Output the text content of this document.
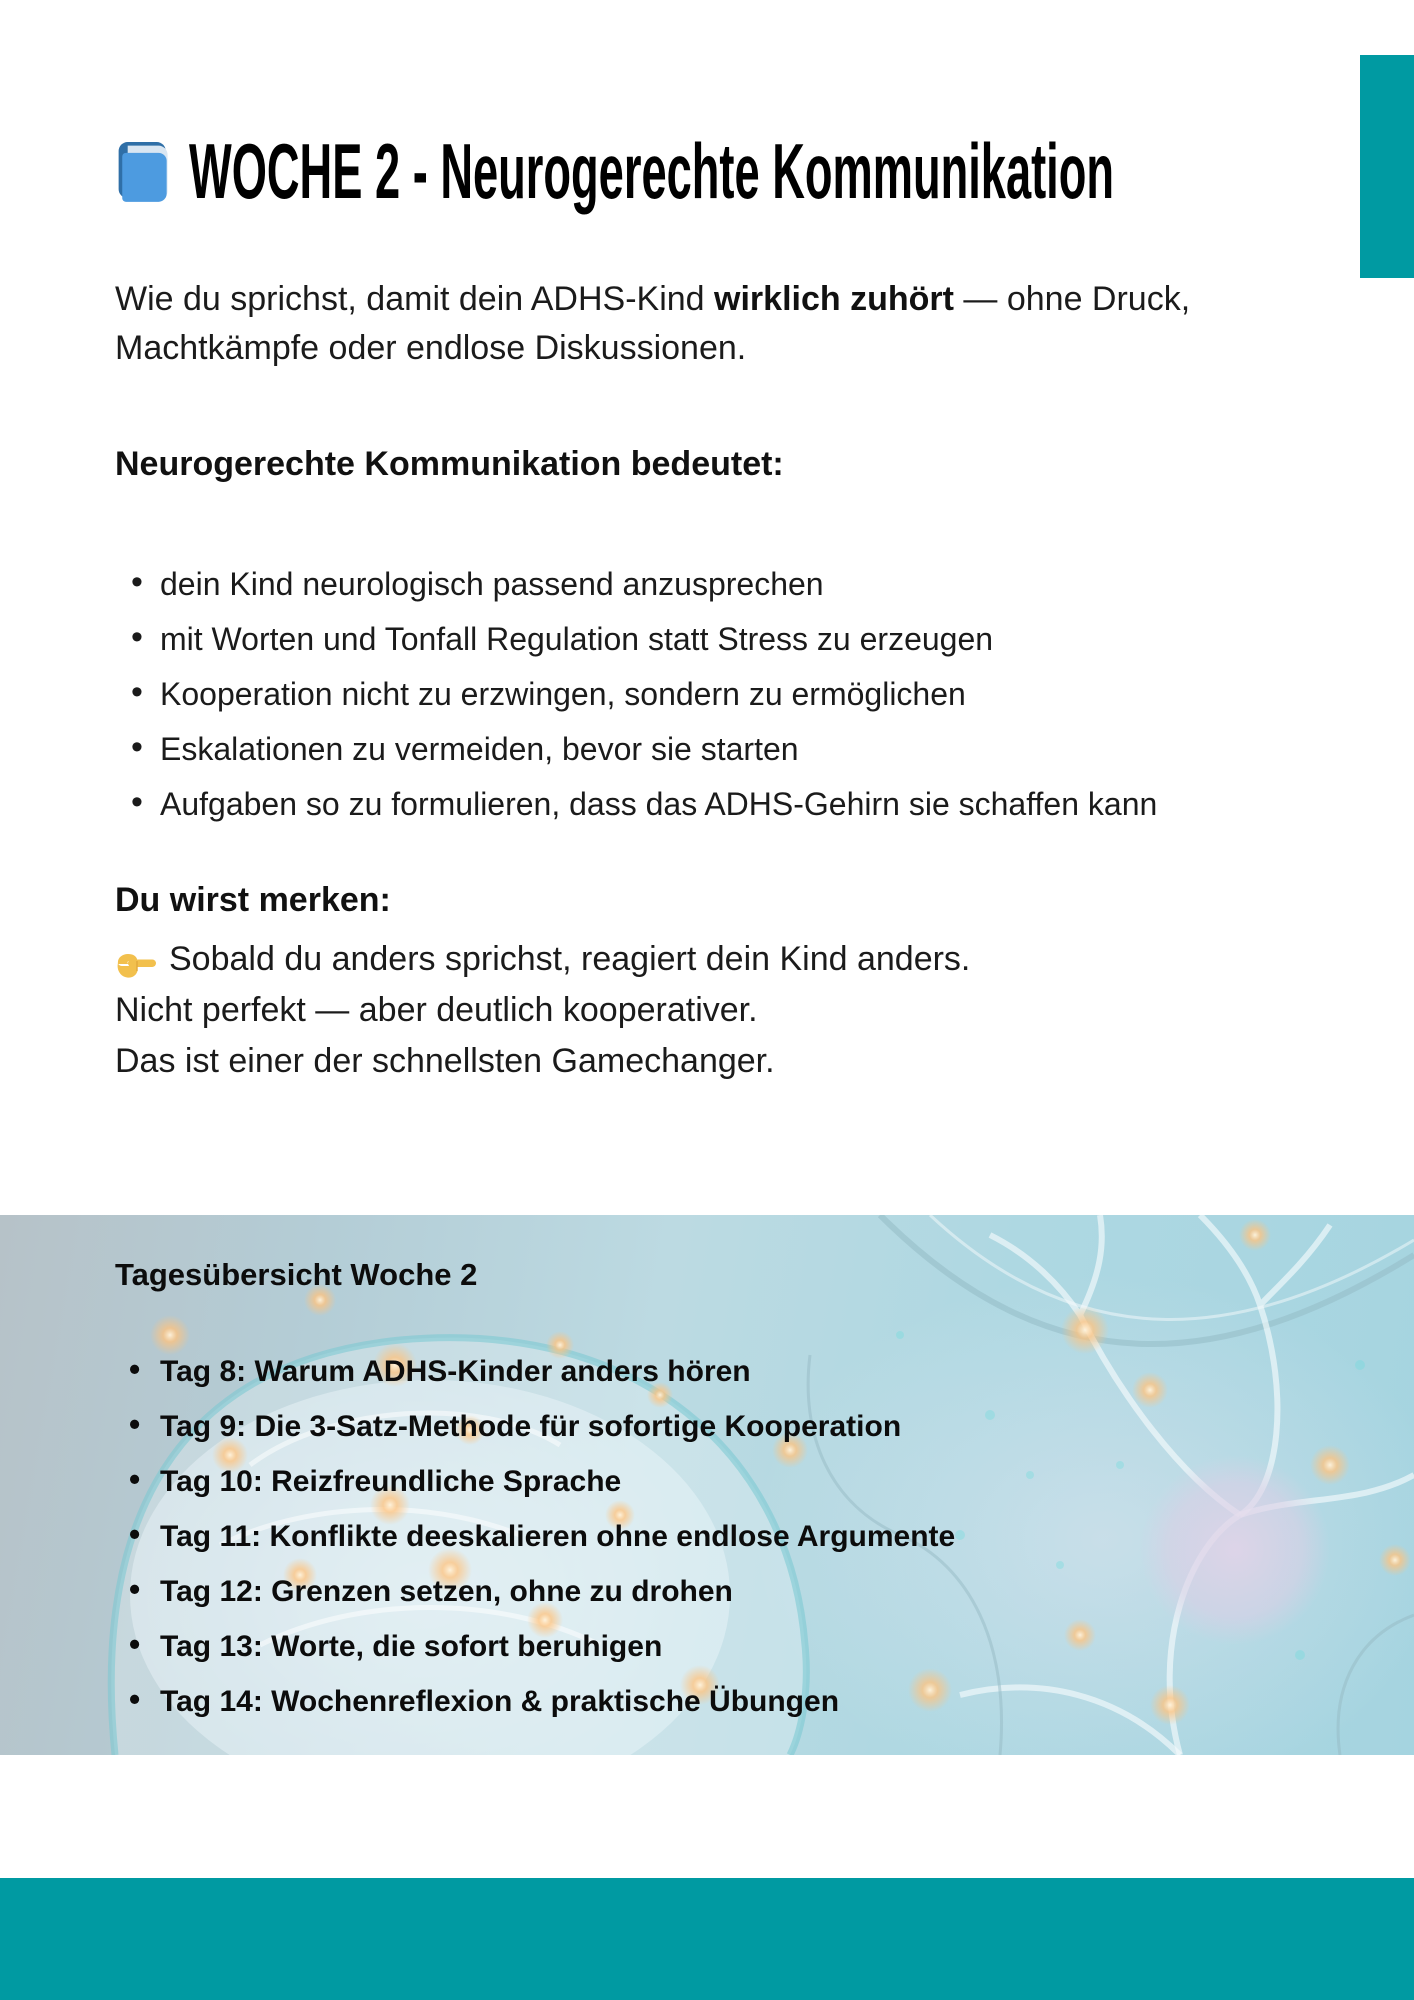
WOCHE 2 - Neurogerechte Kommunikation
Wie du sprichst, damit dein ADHS-Kind wirklich zuhört — ohne Druck,
Machtkämpfe oder endlose Diskussionen.
Neurogerechte Kommunikation bedeutet:
• dein Kind neurologisch passend anzusprechen
• mit Worten und Tonfall Regulation statt Stress zu erzeugen
• Kooperation nicht zu erzwingen, sondern zu ermöglichen
• Eskalationen zu vermeiden, bevor sie starten
• Aufgaben so zu formulieren, dass das ADHS-Gehirn sie schaffen kann
Du wirst merken:
Sobald du anders sprichst, reagiert dein Kind anders.
Nicht perfekt — aber deutlich kooperativer.
Das ist einer der schnellsten Gamechanger.
Tagesübersicht Woche 2
• Tag 8: Warum ADHS-Kinder anders hören
• Tag 9: Die 3-Satz-Methode für sofortige Kooperation
• Tag 10: Reizfreundliche Sprache
• Tag 11: Konflikte deeskalieren ohne endlose Argumente
• Tag 12: Grenzen setzen, ohne zu drohen
• Tag 13: Worte, die sofort beruhigen
• Tag 14: Wochenreflexion & praktische Übungen
